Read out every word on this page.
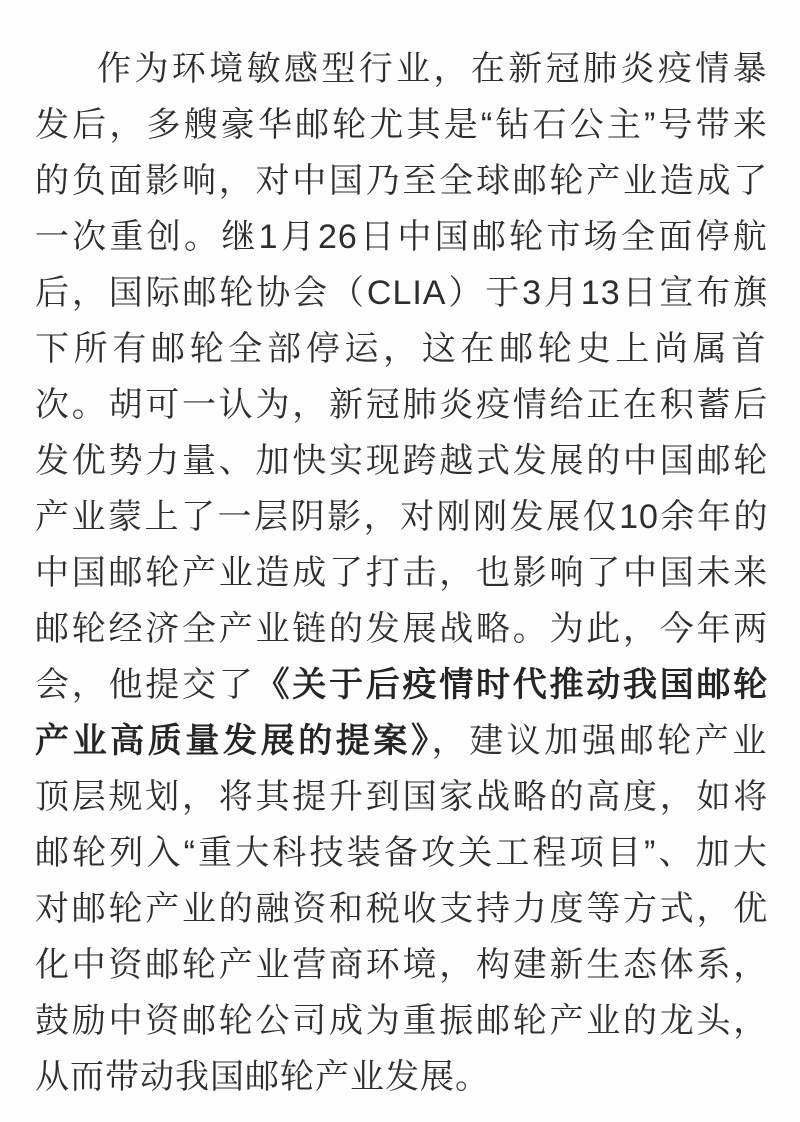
作为环境敏感型行业，在新冠肺炎疫情暴
发后，多艘豪华邮轮尤其是“钻石公主”号带来
的负面影响，对中国乃至全球邮轮产业造成了
一次重创。继1月26日中国邮轮市场全面停航
后，国际邮轮协会（CLIA）于3月13日宣布旗
下所有邮轮全部停运，这在邮轮史上尚属首
次。胡可一认为，新冠肺炎疫情给正在积蓄后
发优势力量、加快实现跨越式发展的中国邮轮
产业蒙上了一层阴影，对刚刚发展仅10余年的
中国邮轮产业造成了打击，也影响了中国未来
邮轮经济全产业链的发展战略。为此，今年两
会，他提交了《关于后疫情时代推动我国邮轮
产业高质量发展的提案》，建议加强邮轮产业
顶层规划，将其提升到国家战略的高度，如将
邮轮列入“重大科技装备攻关工程项目”、加大
对邮轮产业的融资和税收支持力度等方式，优
化中资邮轮产业营商环境，构建新生态体系，
鼓励中资邮轮公司成为重振邮轮产业的龙头，
从而带动我国邮轮产业发展。
